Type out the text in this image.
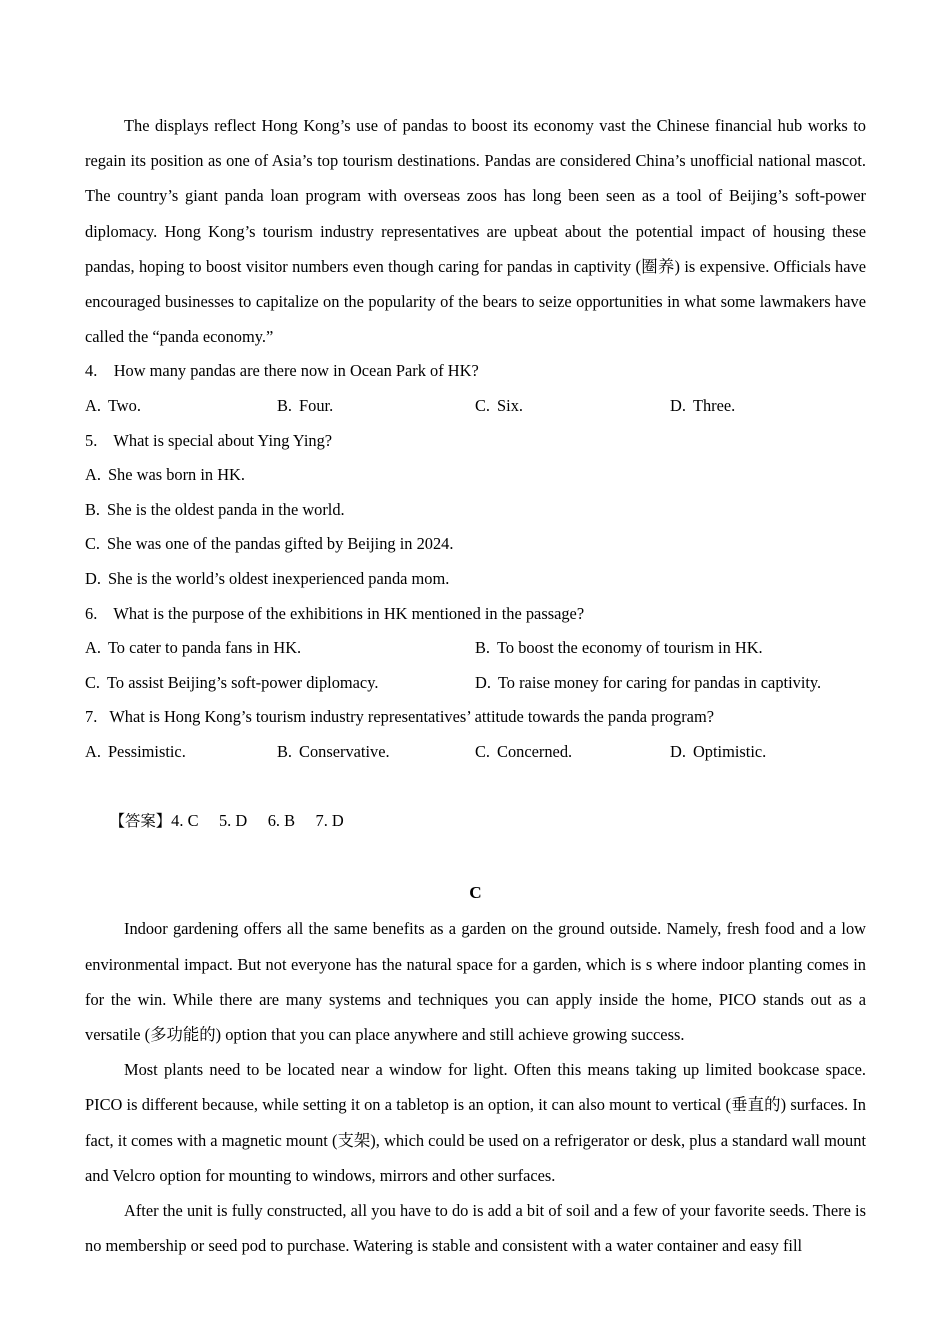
The displays reflect Hong Kong’s use of pandas to boost its economy vast the Chinese financial hub works to regain its position as one of Asia’s top tourism destinations. Pandas are considered China’s unofficial national mascot. The country’s giant panda loan program with overseas zoos has long been seen as a tool of Beijing’s soft-power diplomacy. Hong Kong’s tourism industry representatives are upbeat about the potential impact of housing these pandas, hoping to boost visitor numbers even though caring for pandas in captivity (圈养) is expensive. Officials have encouraged businesses to capitalize on the popularity of the bears to seize opportunities in what some lawmakers have called the “panda economy.”

4. How many pandas are there now in Ocean Park of HK?
A. Two.	B. Four.	C. Six.	D. Three.
5. What is special about Ying Ying?
A. She was born in HK.
B. She is the oldest panda in the world.
C. She was one of the pandas gifted by Beijing in 2024.
D. She is the world’s oldest inexperienced panda mom.
6. What is the purpose of the exhibitions in HK mentioned in the passage?
A. To cater to panda fans in HK.	B. To boost the economy of tourism in HK.
C. To assist Beijing’s soft-power diplomacy.	D. To raise money for caring for pandas in captivity.
7. What is Hong Kong’s tourism industry representatives’ attitude towards the panda program?
A. Pessimistic.	B. Conservative.	C. Concerned.	D. Optimistic.

【答案】4. C     5. D     6. B     7. D

C

Indoor gardening offers all the same benefits as a garden on the ground outside. Namely, fresh food and a low environmental impact. But not everyone has the natural space for a garden, which is s where indoor planting comes in for the win. While there are many systems and techniques you can apply inside the home, PICO stands out as a versatile (多功能的) option that you can place anywhere and still achieve growing success.

Most plants need to be located near a window for light. Often this means taking up limited bookcase space. PICO is different because, while setting it on a tabletop is an option, it can also mount to vertical (垂直的) surfaces. In fact, it comes with a magnetic mount (支架), which could be used on a refrigerator or desk, plus a standard wall mount and Velcro option for mounting to windows, mirrors and other surfaces.

After the unit is fully constructed, all you have to do is add a bit of soil and a few of your favorite seeds. There is no membership or seed pod to purchase. Watering is stable and consistent with a water container and easy fill
